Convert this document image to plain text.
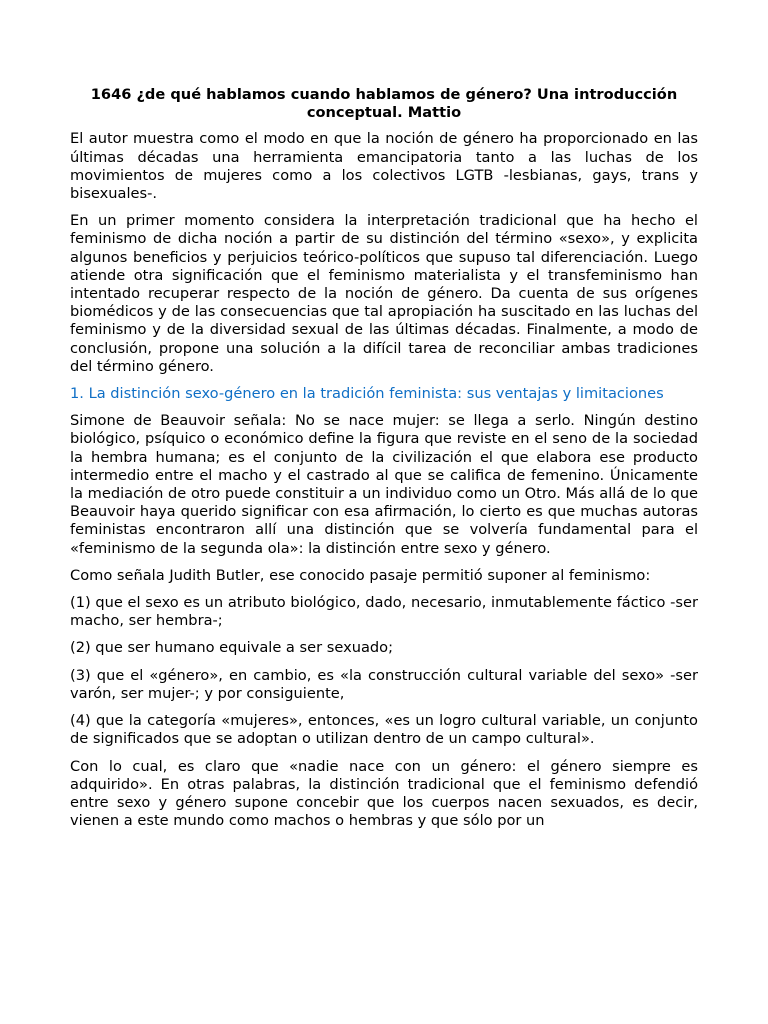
1646 ¿de qué hablamos cuando hablamos de género? Una introducción conceptual. Mattio

El autor muestra como el modo en que la noción de género ha proporcionado en las últimas décadas una herramienta emancipatoria tanto a las luchas de los movimientos de mujeres como a los colectivos LGTB -lesbianas, gays, trans y bisexuales-.

En un primer momento considera la interpretación tradicional que ha hecho el feminismo de dicha noción a partir de su distinción del término «sexo», y explicita algunos beneficios y perjuicios teórico-políticos que supuso tal diferenciación. Luego atiende otra significación que el feminismo materialista y el transfeminismo han intentado recuperar respecto de la noción de género. Da cuenta de sus orígenes biomédicos y de las consecuencias que tal apropiación ha suscitado en las luchas del feminismo y de la diversidad sexual de las últimas décadas. Finalmente, a modo de conclusión, propone una solución a la difícil tarea de reconciliar ambas tradiciones del término género.

1. La distinción sexo-género en la tradición feminista: sus ventajas y limitaciones

Simone de Beauvoir señala: No se nace mujer: se llega a serlo. Ningún destino biológico, psíquico o económico define la figura que reviste en el seno de la sociedad la hembra humana; es el conjunto de la civilización el que elabora ese producto intermedio entre el macho y el castrado al que se califica de femenino. Únicamente la mediación de otro puede constituir a un individuo como un Otro. Más allá de lo que Beauvoir haya querido significar con esa afirmación, lo cierto es que muchas autoras feministas encontraron allí una distinción que se volvería fundamental para el «feminismo de la segunda ola»: la distinción entre sexo y género.

Como señala Judith Butler, ese conocido pasaje permitió suponer al feminismo:

(1) que el sexo es un atributo biológico, dado, necesario, inmutablemente fáctico -ser macho, ser hembra-;

(2) que ser humano equivale a ser sexuado;

(3) que el «género», en cambio, es «la construcción cultural variable del sexo» -ser varón, ser mujer-; y por consiguiente,

(4) que la categoría «mujeres», entonces, «es un logro cultural variable, un conjunto de significados que se adoptan o utilizan dentro de un campo cultural».

Con lo cual, es claro que «nadie nace con un género: el género siempre es adquirido». En otras palabras, la distinción tradicional que el feminismo defendió entre sexo y género supone concebir que los cuerpos nacen sexuados, es decir, vienen a este mundo como machos o hembras y que sólo por un
